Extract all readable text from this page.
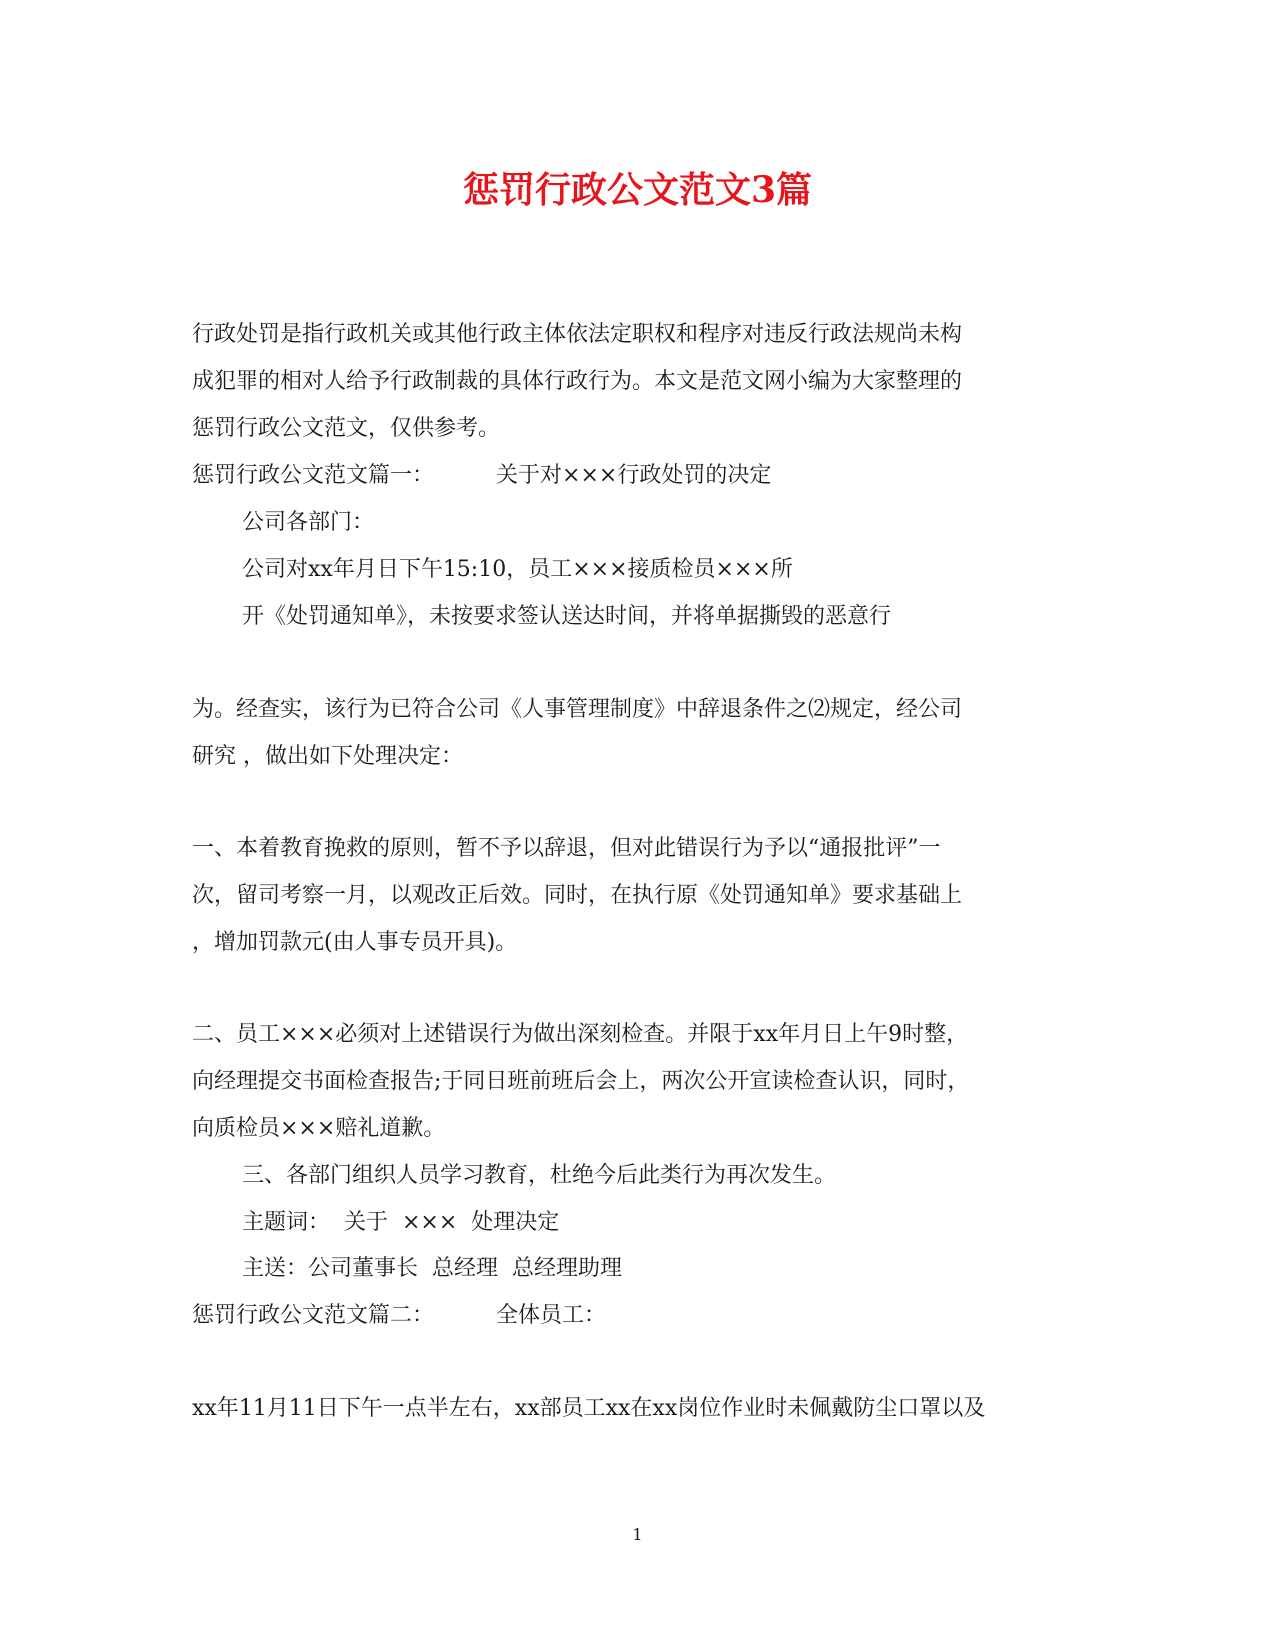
惩罚行政公文范文3篇
行政处罚是指行政机关或其他行政主体依法定职权和程序对违反行政法规尚未构
成犯罪的相对人给予行政制裁的具体行政行为。本文是范文网小编为大家整理的
惩罚行政公文范文，仅供参考。
惩罚行政公文范文篇一：	关于对×××行政处罚的决定
公司各部门：
公司对xx年月日下午15:10，员工×××接质检员×××所
开《处罚通知单》，未按要求签认送达时间，并将单据撕毁的恶意行
为。经查实，该行为已符合公司《人事管理制度》中辞退条件之⑵规定，经公司
研究 ，做出如下处理决定：
一、本着教育挽救的原则，暂不予以辞退，但对此错误行为予以“通报批评”一
次，留司考察一月，以观改正后效。同时，在执行原《处罚通知单》要求基础上
，增加罚款元(由人事专员开具)。
二、员工×××必须对上述错误行为做出深刻检查。并限于xx年月日上午9时整，
向经理提交书面检查报告;于同日班前班后会上，两次公开宣读检查认识，同时，
向质检员×××赔礼道歉。
三、各部门组织人员学习教育，杜绝今后此类行为再次发生。
主题词：  关于  ×××  处理决定
主送：公司董事长  总经理  总经理助理
惩罚行政公文范文篇二：	全体员工：
xx年11月11日下午一点半左右，xx部员工xx在xx岗位作业时未佩戴防尘口罩以及
1
